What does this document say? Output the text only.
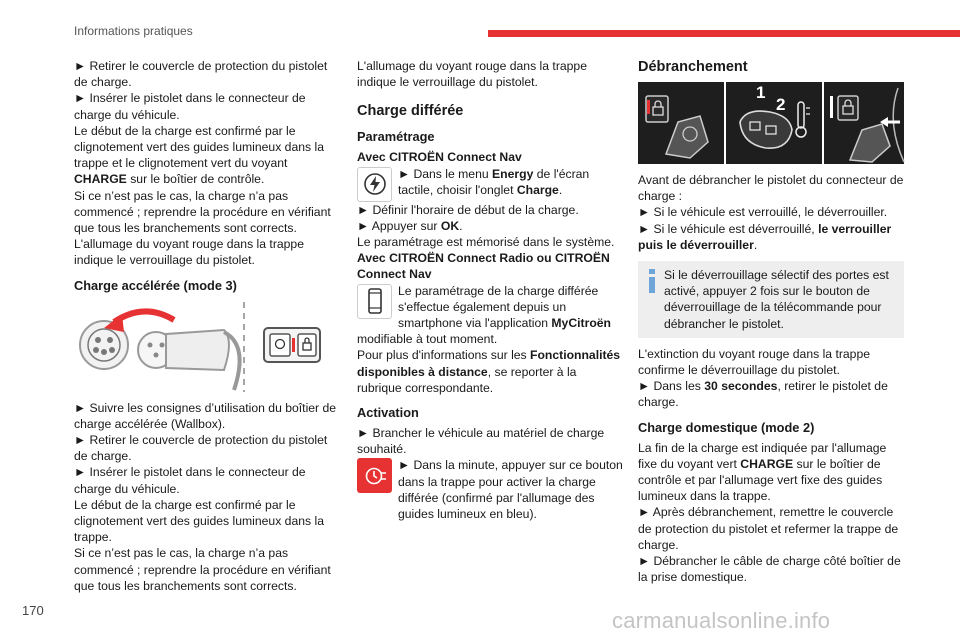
Informations pratiques

► Retirer le couvercle de protection du pistolet de charge.

► Insérer le pistolet dans le connecteur de charge du véhicule.

Le début de la charge est confirmé par le clignotement vert des guides lumineux dans la trappe et le clignotement vert du voyant CHARGE sur le boîtier de contrôle.

Si ce n’est pas le cas, la charge n’a pas commencé ; reprendre la procédure en vérifiant que tous les branchements sont corrects.

L'allumage du voyant rouge dans la trappe indique le verrouillage du pistolet.

Charge accélérée (mode 3)

► Suivre les consignes d’utilisation du boîtier de charge accélérée (Wallbox).

► Retirer le couvercle de protection du pistolet de charge.

► Insérer le pistolet dans le connecteur de charge du véhicule.

Le début de la charge est confirmé par le clignotement vert des guides lumineux dans la trappe.

Si ce n’est pas le cas, la charge n’a pas commencé ; reprendre la procédure en vérifiant que tous les branchements sont corrects.

L'allumage du voyant rouge dans la trappe indique le verrouillage du pistolet.

Charge différée
Paramétrage

Avec CITROËN Connect Nav

► Dans le menu Energy de l'écran tactile, choisir l'onglet Charge.

► Définir l'horaire de début de la charge.

► Appuyer sur OK.

Le paramétrage est mémorisé dans le système.

Avec CITROËN Connect Radio ou CITROËN Connect Nav

Le paramétrage de la charge différée s'effectue également depuis un smartphone via l'application MyCitroën

modifiable à tout moment.

Pour plus d'informations sur les Fonctionnalités disponibles à distance, se reporter à la rubrique correspondante.

Activation

► Brancher le véhicule au matériel de charge souhaité.

► Dans la minute, appuyer sur ce bouton dans la trappe pour activer la charge différée (confirmé par l'allumage des guides lumineux en bleu).

Débranchement
1
2

Avant de débrancher le pistolet du connecteur de charge :

► Si le véhicule est verrouillé, le déverrouiller.

► Si le véhicule est déverrouillé, le verrouiller puis le déverrouiller.

Si le déverrouillage sélectif des portes est activé, appuyer 2 fois sur le bouton de déverrouillage de la télécommande pour débrancher le pistolet.

L'extinction du voyant rouge dans la trappe confirme le déverrouillage du pistolet.

► Dans les 30 secondes, retirer le pistolet de charge.

Charge domestique (mode 2)

La fin de la charge est indiquée par l'allumage fixe du voyant vert CHARGE sur le boîtier de contrôle et par l'allumage vert fixe des guides lumineux dans la trappe.

► Après débranchement, remettre le couvercle de protection du pistolet et refermer la trappe de charge.

► Débrancher le câble de charge côté boîtier de la prise domestique.

170	carmanualsonline.info
